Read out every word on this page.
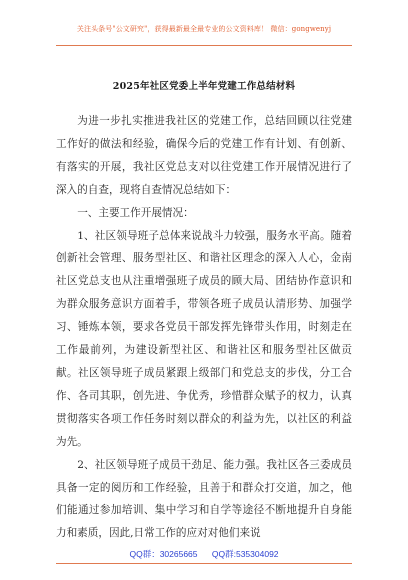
关注头条号"公文研究"，获得最新最全最专业的公文资料库！ 微信：gongwenyj
2025年社区党委上半年党建工作总结材料

为进一步扎实推进我社区的党建工作，总结回顾以往党建工作好的做法和经验，确保今后的党建工作有计划、有创新、有落实的开展，我社区党总支对以往党建工作开展情况进行了深入的自查，现将自查情况总结如下：

一、主要工作开展情况：

1、社区领导班子总体来说战斗力较强，服务水平高。随着创新社会管理、服务型社区、和谐社区理念的深入人心，金南社区党总支也从注重增强班子成员的顾大局、团结协作意识和为群众服务意识方面着手，带领各班子成员认清形势、加强学习、锤炼本领，要求各党员干部发挥先锋带头作用，时刻走在工作最前列，为建设新型社区、和谐社区和服务型社区做贡献。社区领导班子成员紧跟上级部门和党总支的步伐，分工合作、各司其职，创先进、争优秀，珍惜群众赋予的权力，认真贯彻落实各项工作任务时刻以群众的利益为先，以社区的利益为先。

2、社区领导班子成员干劲足、能力强。我社区各三委成员具备一定的阅历和工作经验，且善于和群众打交道，加之，他们能通过参加培训、集中学习和自学等途径不断地提升自身能力和素质，因此,日常工作的应对对他们来说

QQ群：30265665 QQ群:535304092
